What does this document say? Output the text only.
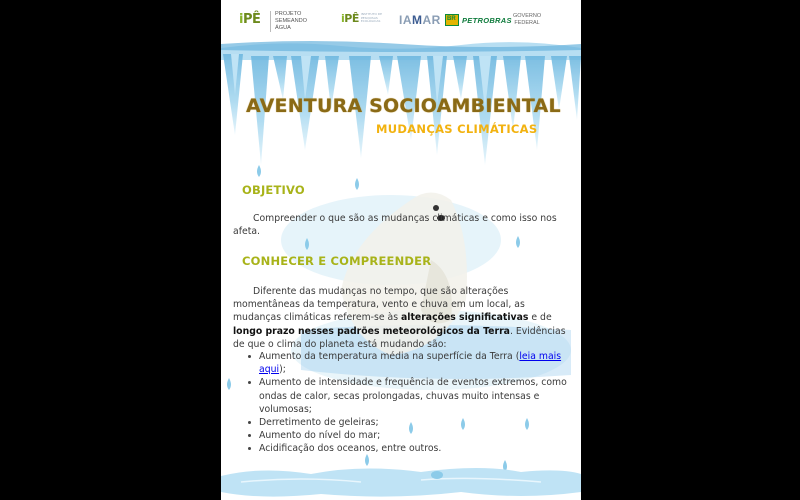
iPÊ	PROJETO
SEMEANDO
ÁGUA
iPÊ INSTITUTO DE
PESQUISAS
ECOLÓGICAS IAMAR BR	PETROBRAS GOVERNO
FEDERAL
AVENTURA SOCIOAMBIENTAL
MUDANÇAS CLIMÁTICAS
OBJETIVO
Compreender o que são as mudanças climáticas e como isso nos afeta.
CONHECER E COMPREENDER
Diferente das mudanças no tempo, que são alterações momentâneas da temperatura, vento e chuva em um local, as mudanças climáticas referem-se às alterações significativas e de longo prazo nesses padrões meteorológicos da Terra. Evidências de que o clima do planeta está mudando são:
Aumento da temperatura média na superfície da Terra (leia mais aqui);
Aumento de intensidade e frequência de eventos extremos, como ondas de calor, secas prolongadas, chuvas muito intensas e volumosas;
Derretimento de geleiras;
Aumento do nível do mar;
Acidificação dos oceanos, entre outros.
